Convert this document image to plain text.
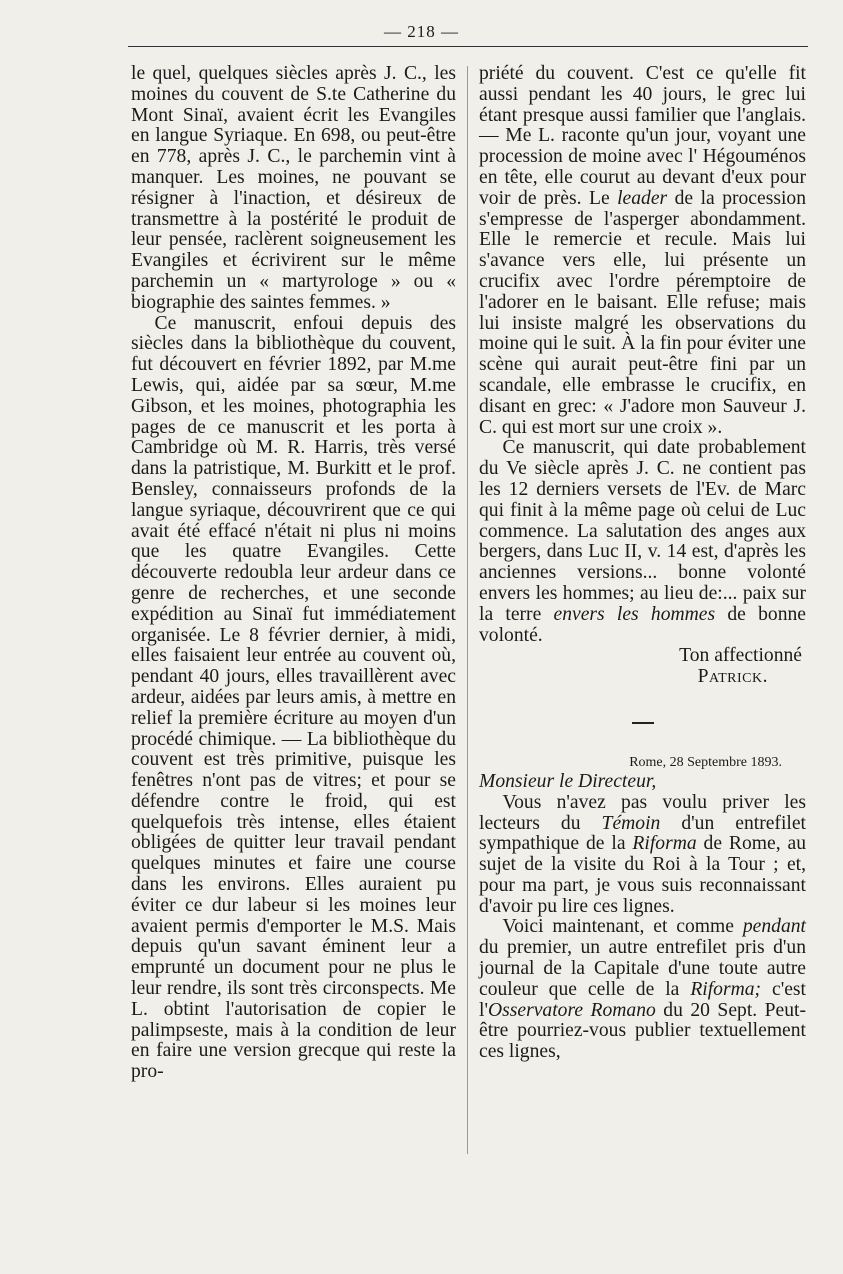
— 218 —

le quel, quelques siècles après J. C., les moines du couvent de S.te Catherine du Mont Sinaï, avaient écrit les Evangiles en langue Syriaque. En 698, ou peut-être en 778, après J. C., le parchemin vint à manquer. Les moines, ne pouvant se résigner à l'inaction, et désireux de transmettre à la postérité le produit de leur pensée, raclèrent soigneusement les Evangiles et écrivirent sur le même parchemin un « martyrologe » ou « biographie des saintes femmes. »

Ce manuscrit, enfoui depuis des siècles dans la bibliothèque du couvent, fut découvert en février 1892, par M.me Lewis, qui, aidée par sa sœur, M.me Gibson, et les moines, photographia les pages de ce manuscrit et les porta à Cambridge où M. R. Harris, très versé dans la patristique, M. Burkitt et le prof. Bensley, connaisseurs profonds de la langue syriaque, découvrirent que ce qui avait été effacé n'était ni plus ni moins que les quatre Evangiles. Cette découverte redoubla leur ardeur dans ce genre de recherches, et une seconde expédition au Sinaï fut immédiatement organisée. Le 8 février dernier, à midi, elles faisaient leur entrée au couvent où, pendant 40 jours, elles travaillèrent avec ardeur, aidées par leurs amis, à mettre en relief la première écriture au moyen d'un procédé chimique. — La bibliothèque du couvent est très primitive, puisque les fenêtres n'ont pas de vitres; et pour se défendre contre le froid, qui est quelquefois très intense, elles étaient obligées de quitter leur travail pendant quelques minutes et faire une course dans les environs. Elles auraient pu éviter ce dur labeur si les moines leur avaient permis d'emporter le M.S. Mais depuis qu'un savant éminent leur a emprunté un document pour ne plus le leur rendre, ils sont très circonspects. Me L. obtint l'autorisation de copier le palimpseste, mais à la condition de leur en faire une version grecque qui reste la pro-

priété du couvent. C'est ce qu'elle fit aussi pendant les 40 jours, le grec lui étant presque aussi familier que l'anglais. — Me L. raconte qu'un jour, voyant une procession de moine avec l' Hégouménos en tête, elle courut au devant d'eux pour voir de près. Le leader de la procession s'empresse de l'asperger abondamment. Elle le remercie et recule. Mais lui s'avance vers elle, lui présente un crucifix avec l'ordre péremptoire de l'adorer en le baisant. Elle refuse; mais lui insiste malgré les observations du moine qui le suit. À la fin pour éviter une scène qui aurait peut-être fini par un scandale, elle embrasse le crucifix, en disant en grec: « J'adore mon Sauveur J. C. qui est mort sur une croix ».

Ce manuscrit, qui date probablement du Ve siècle après J. C. ne contient pas les 12 derniers versets de l'Ev. de Marc qui finit à la même page où celui de Luc commence. La salutation des anges aux bergers, dans Luc II, v. 14 est, d'après les anciennes versions... bonne volonté envers les hommes; au lieu de:... paix sur la terre envers les hommes de bonne volonté.

Ton affectionné

Patrick.

Rome, 28 Septembre 1893.

Monsieur le Directeur,

Vous n'avez pas voulu priver les lecteurs du Témoin d'un entrefilet sympathique de la Riforma de Rome, au sujet de la visite du Roi à la Tour ; et, pour ma part, je vous suis reconnaissant d'avoir pu lire ces lignes.

Voici maintenant, et comme pendant du premier, un autre entrefilet pris d'un journal de la Capitale d'une toute autre couleur que celle de la Riforma; c'est l'Osservatore Romano du 20 Sept. Peut-être pourriez-vous publier textuellement ces lignes,
